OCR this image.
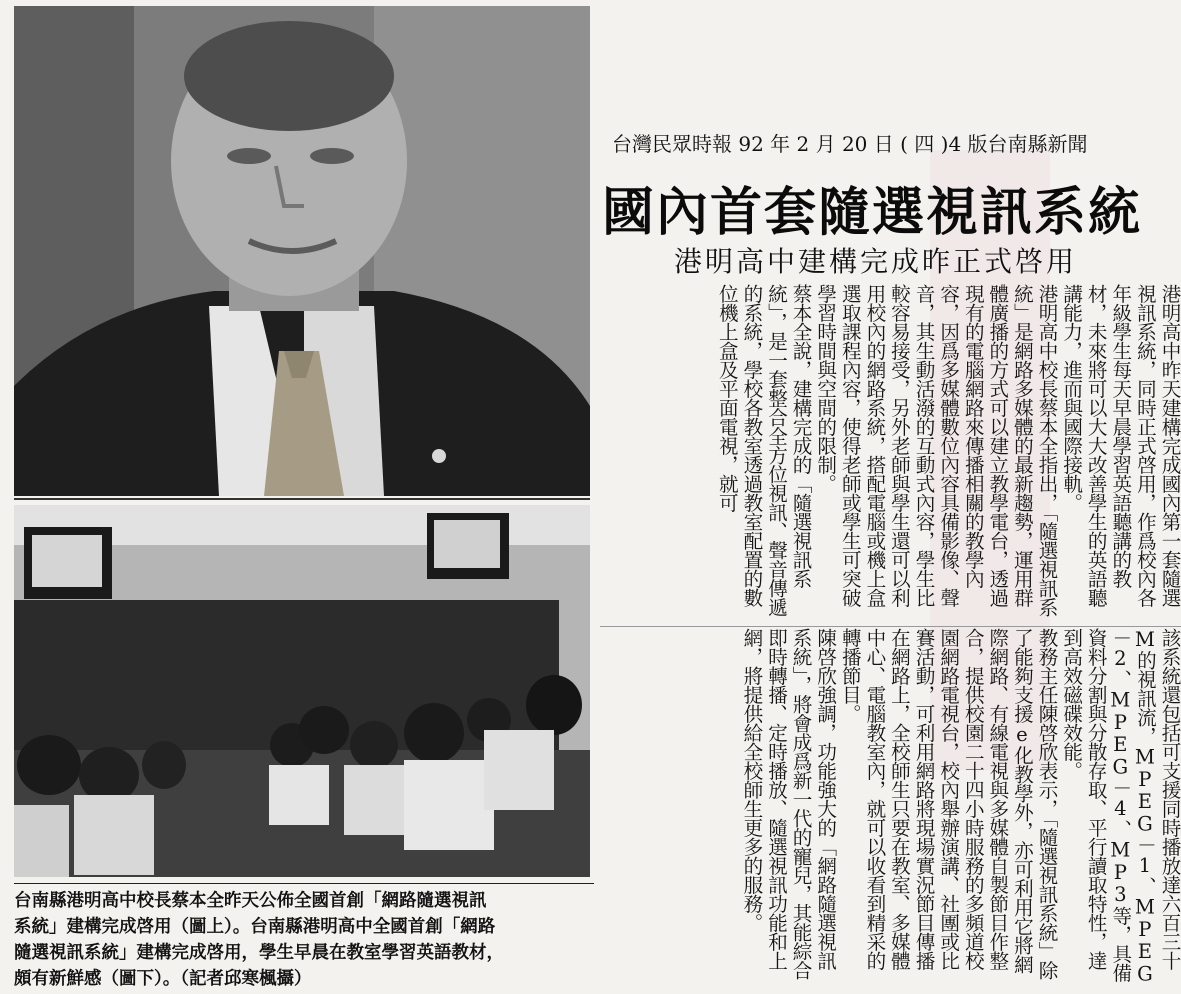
台南縣港明高中校長蔡本全昨天公佈全國首創「網路隨選視訊
系統」建構完成啓用（圖上）。台南縣港明高中全國首創「網路
隨選視訊系統」建構完成啓用，學生早晨在教室學習英語教材，
頗有新鮮感（圖下）。（記者邱寒楓攝）
台灣民眾時報 92 年 2 月 20 日 ( 四 )4 版台南縣新聞
國內首套隨選視訊系統
港明高中建構完成昨正式啓用

港明高中昨天建構完成國內第一套隨選視訊系統，同時正式啓用，作爲校內各年級學生每天早晨學習英語聽講的教材，未來將可以大大改善學生的英語聽講能力，進而與國際接軌。

港明高中校長蔡本全指出，「隨選視訊系統」是網路多媒體的最新趨勢，運用群體廣播的方式可以建立教學電台，透過現有的電腦網路來傳播相關的教學內容，因爲多媒體數位內容具備影像、聲音，其生動活潑的互動式內容，學生比較容易接受，另外老師與學生還可以利用校內的網路系統，搭配電腦或機上盒選取課程內容，使得老師或學生可突破學習時間與空間的限制。

蔡本全說，建構完成的「隨選視訊系統」，是一套整合全方位視訊、聲音傳遞的系統，學校各教室透過教室配置的數位機上盒及平面電視，就可

該系統還包括可支援同時播放達六百三十M的視訊流，MPEG－1、MPEG－2、MPEG－4、MP3等，具備資料分割與分散存取、平行讀取特性，達到高效磁碟效能。

教務主任陳啓欣表示，「隨選視訊系統」除了能夠支援e化教學外，亦可利用它將網際網路、有線電視與多媒體自製節目作整合，提供校園二十四小時服務的多頻道校園網路電視台，校內舉辦演講、社團或比賽活動，可利用網路將現場實況節目傳播在網路上，全校師生只要在教室、多媒體中心、電腦教室內，就可以收看到精采的轉播節目。

陳啓欣強調，功能強大的「網路隨選視訊系統」，將會成爲新一代的寵兒，其能綜合即時轉播、定時播放、隨選視訊功能和上網，將提供給全校師生更多的服務。
